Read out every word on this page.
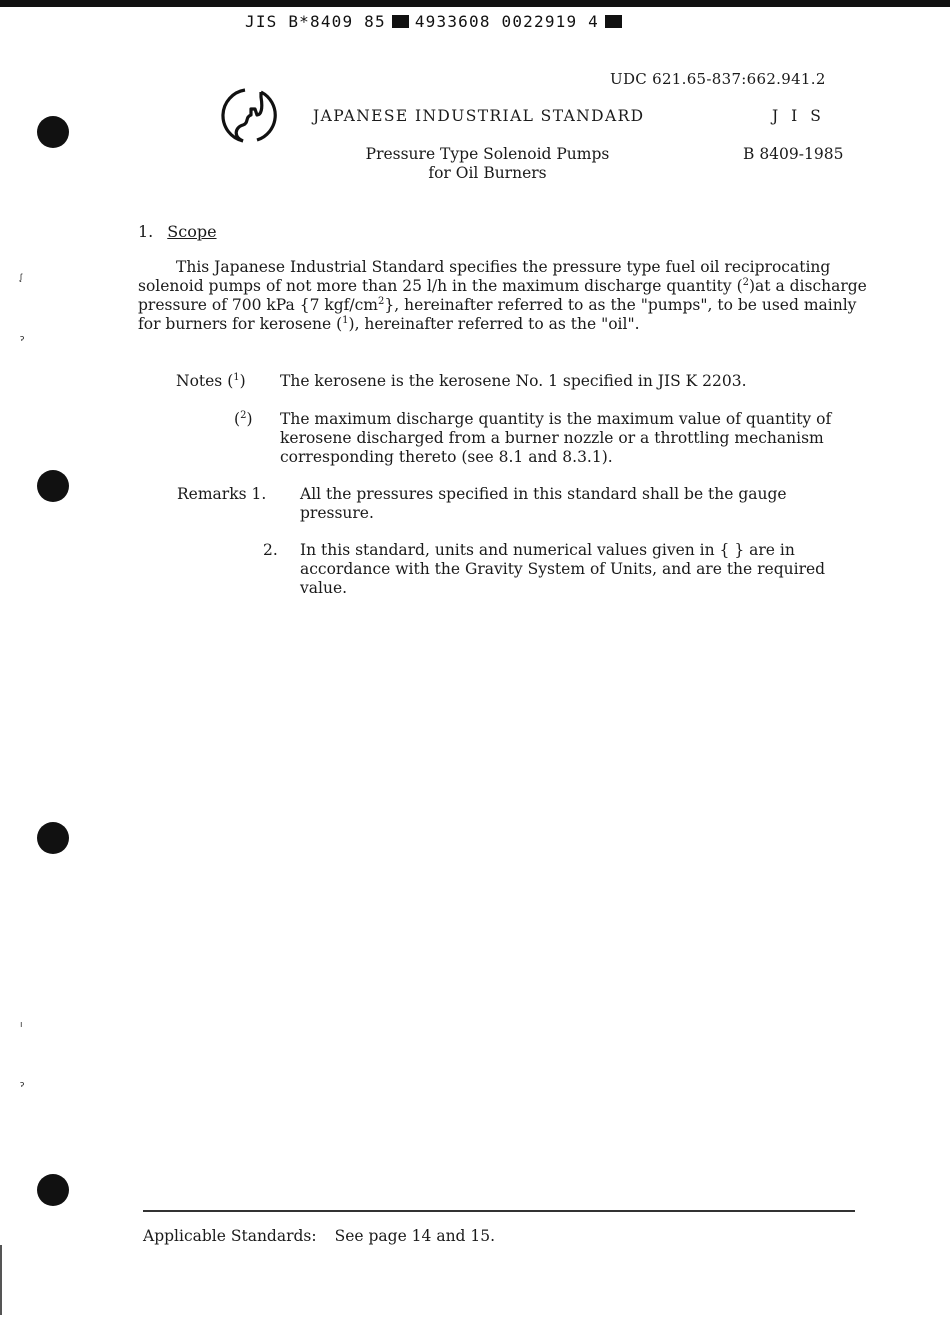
JIS B*8409 85 4933608 0022919 4
ᶘ
ɂ
ı
ɂ
UDC 621.65-837:662.941.2
JAPANESE INDUSTRIAL STANDARD	J I S
Pressure Type Solenoid Pumps
for Oil Burners
B 8409-1985
1. Scope
This Japanese Industrial Standard specifies the pressure type fuel oil reciprocating solenoid pumps of not more than 25 l/h in the maximum discharge quantity ($^2$)at a discharge pressure of 700 kPa {7 kgf/$cm^2$}, hereinafter referred to as the "pumps", to be used mainly for burners for kerosene ($^1$), hereinafter referred to as the "oil".
Notes ($^1$) The kerosene is the kerosene No. 1 specified in JIS K 2203.
($^2$) The maximum discharge quantity is the maximum value of quantity of kerosene discharged from a burner nozzle or a throttling mechanism corresponding thereto (see 8.1 and 8.3.1).
Remarks 1. All the pressures specified in this standard shall be the gauge pressure.
2. In this standard, units and numerical values given in { } are in accordance with the Gravity System of Units, and are the required value.
Applicable Standards: See page 14 and 15.
